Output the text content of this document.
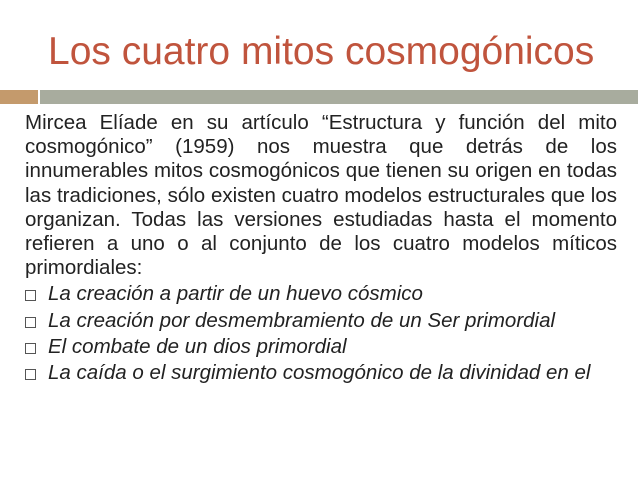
Los cuatro mitos cosmogónicos

Mircea Elíade en su artículo “Estructura y función del mito cosmogónico” (1959) nos muestra que detrás de los innumerables mitos cosmogónicos que tienen su origen en todas las tradiciones, sólo existen cuatro modelos estructurales que los organizan. Todas las versiones estudiadas hasta el momento refieren a uno o al conjunto de los cuatro modelos míticos primordiales:

La creación a partir de un huevo cósmico
La creación por desmembramiento de un Ser primordial
El combate de un dios primordial
La caída o el surgimiento cosmogónico de la divinidad en el
